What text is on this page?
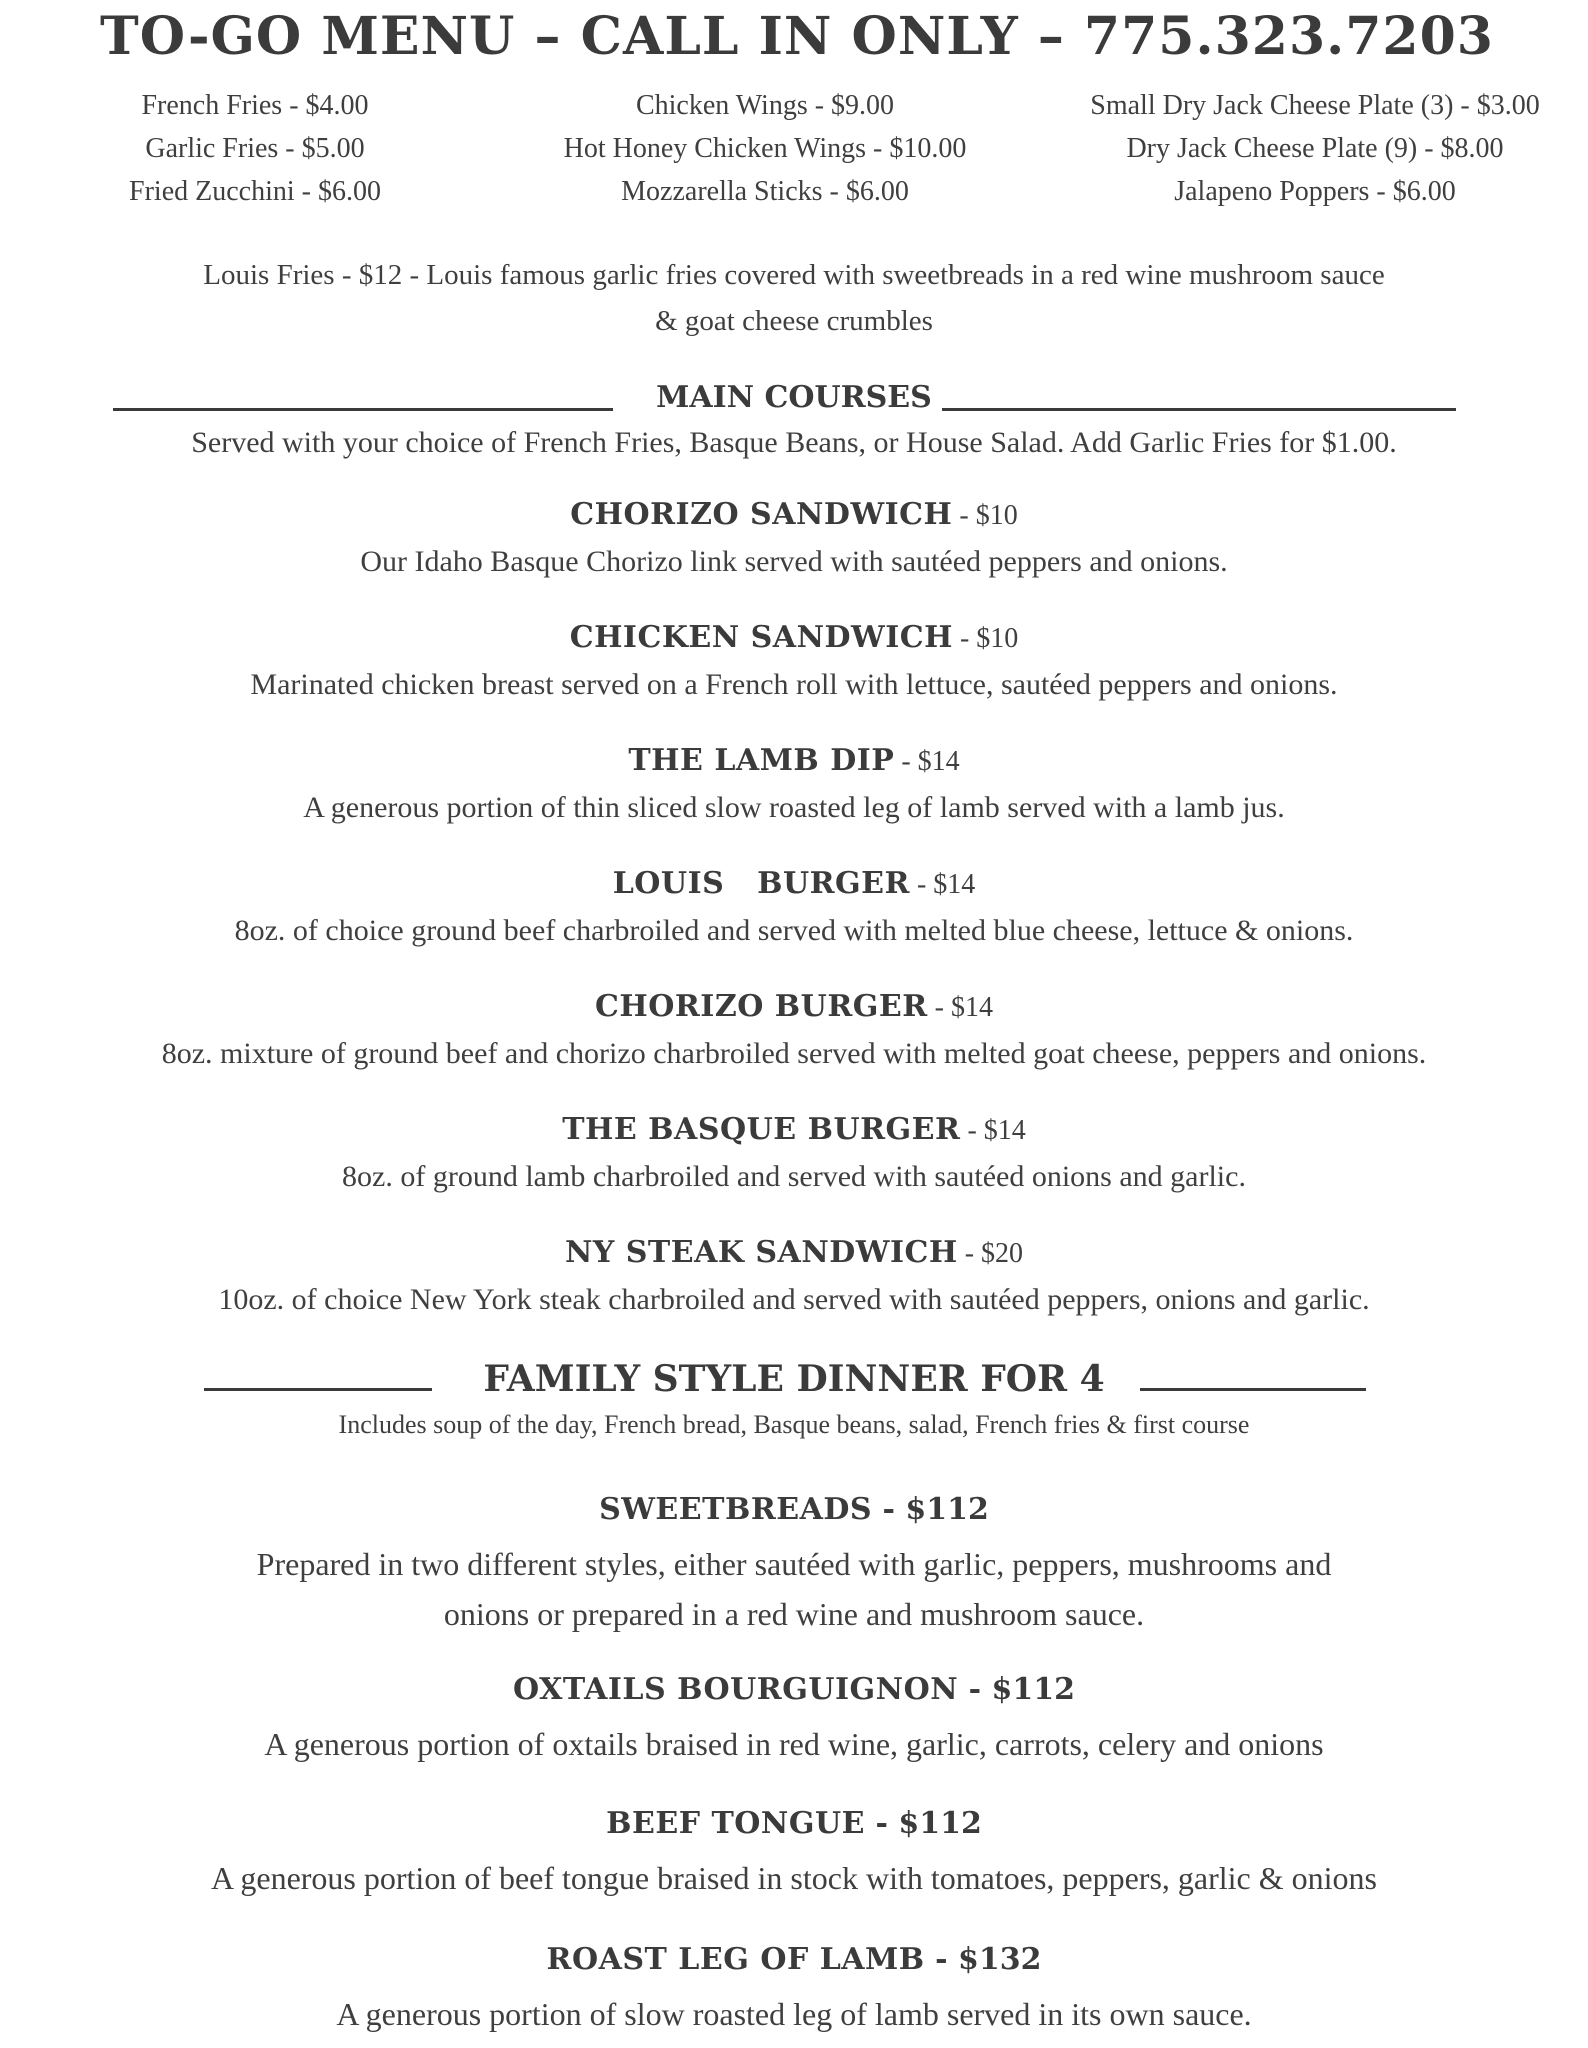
TO-GO MENU – CALL IN ONLY – 775.323.7203
French Fries - $4.00
Garlic Fries - $5.00
Fried Zucchini - $6.00
Chicken Wings - $9.00
Hot Honey Chicken Wings - $10.00
Mozzarella Sticks - $6.00
Small Dry Jack Cheese Plate (3) - $3.00
Dry Jack Cheese Plate (9) - $8.00
Jalapeno Poppers - $6.00
Louis Fries - $12 - Louis famous garlic fries covered with sweetbreads in a red wine mushroom sauce
& goat cheese crumbles
MAIN COURSES
Served with your choice of French Fries, Basque Beans, or House Salad. Add Garlic Fries for $1.00.
CHORIZO SANDWICH - $10
Our Idaho Basque Chorizo link served with sautéed peppers and onions.
CHICKEN SANDWICH - $10
Marinated chicken breast served on a French roll with lettuce, sautéed peppers and onions.
THE LAMB DIP - $14
A generous portion of thin sliced slow roasted leg of lamb served with a lamb jus.
LOUIS   BURGER - $14
8oz. of choice ground beef charbroiled and served with melted blue cheese, lettuce & onions.
CHORIZO BURGER - $14
8oz. mixture of ground beef and chorizo charbroiled served with melted goat cheese, peppers and onions.
THE BASQUE BURGER - $14
8oz. of ground lamb charbroiled and served with sautéed onions and garlic.
NY STEAK SANDWICH - $20
10oz. of choice New York steak charbroiled and served with sautéed peppers, onions and garlic.
FAMILY STYLE DINNER FOR 4
Includes soup of the day, French bread, Basque beans, salad, French fries & first course
SWEETBREADS - $112
Prepared in two different styles, either sautéed with garlic, peppers, mushrooms and
onions or prepared in a red wine and mushroom sauce.
OXTAILS BOURGUIGNON - $112
A generous portion of oxtails braised in red wine, garlic, carrots, celery and onions
BEEF TONGUE - $112
A generous portion of beef tongue braised in stock with tomatoes, peppers, garlic & onions
ROAST LEG OF LAMB - $132
A generous portion of slow roasted leg of lamb served in its own sauce.
